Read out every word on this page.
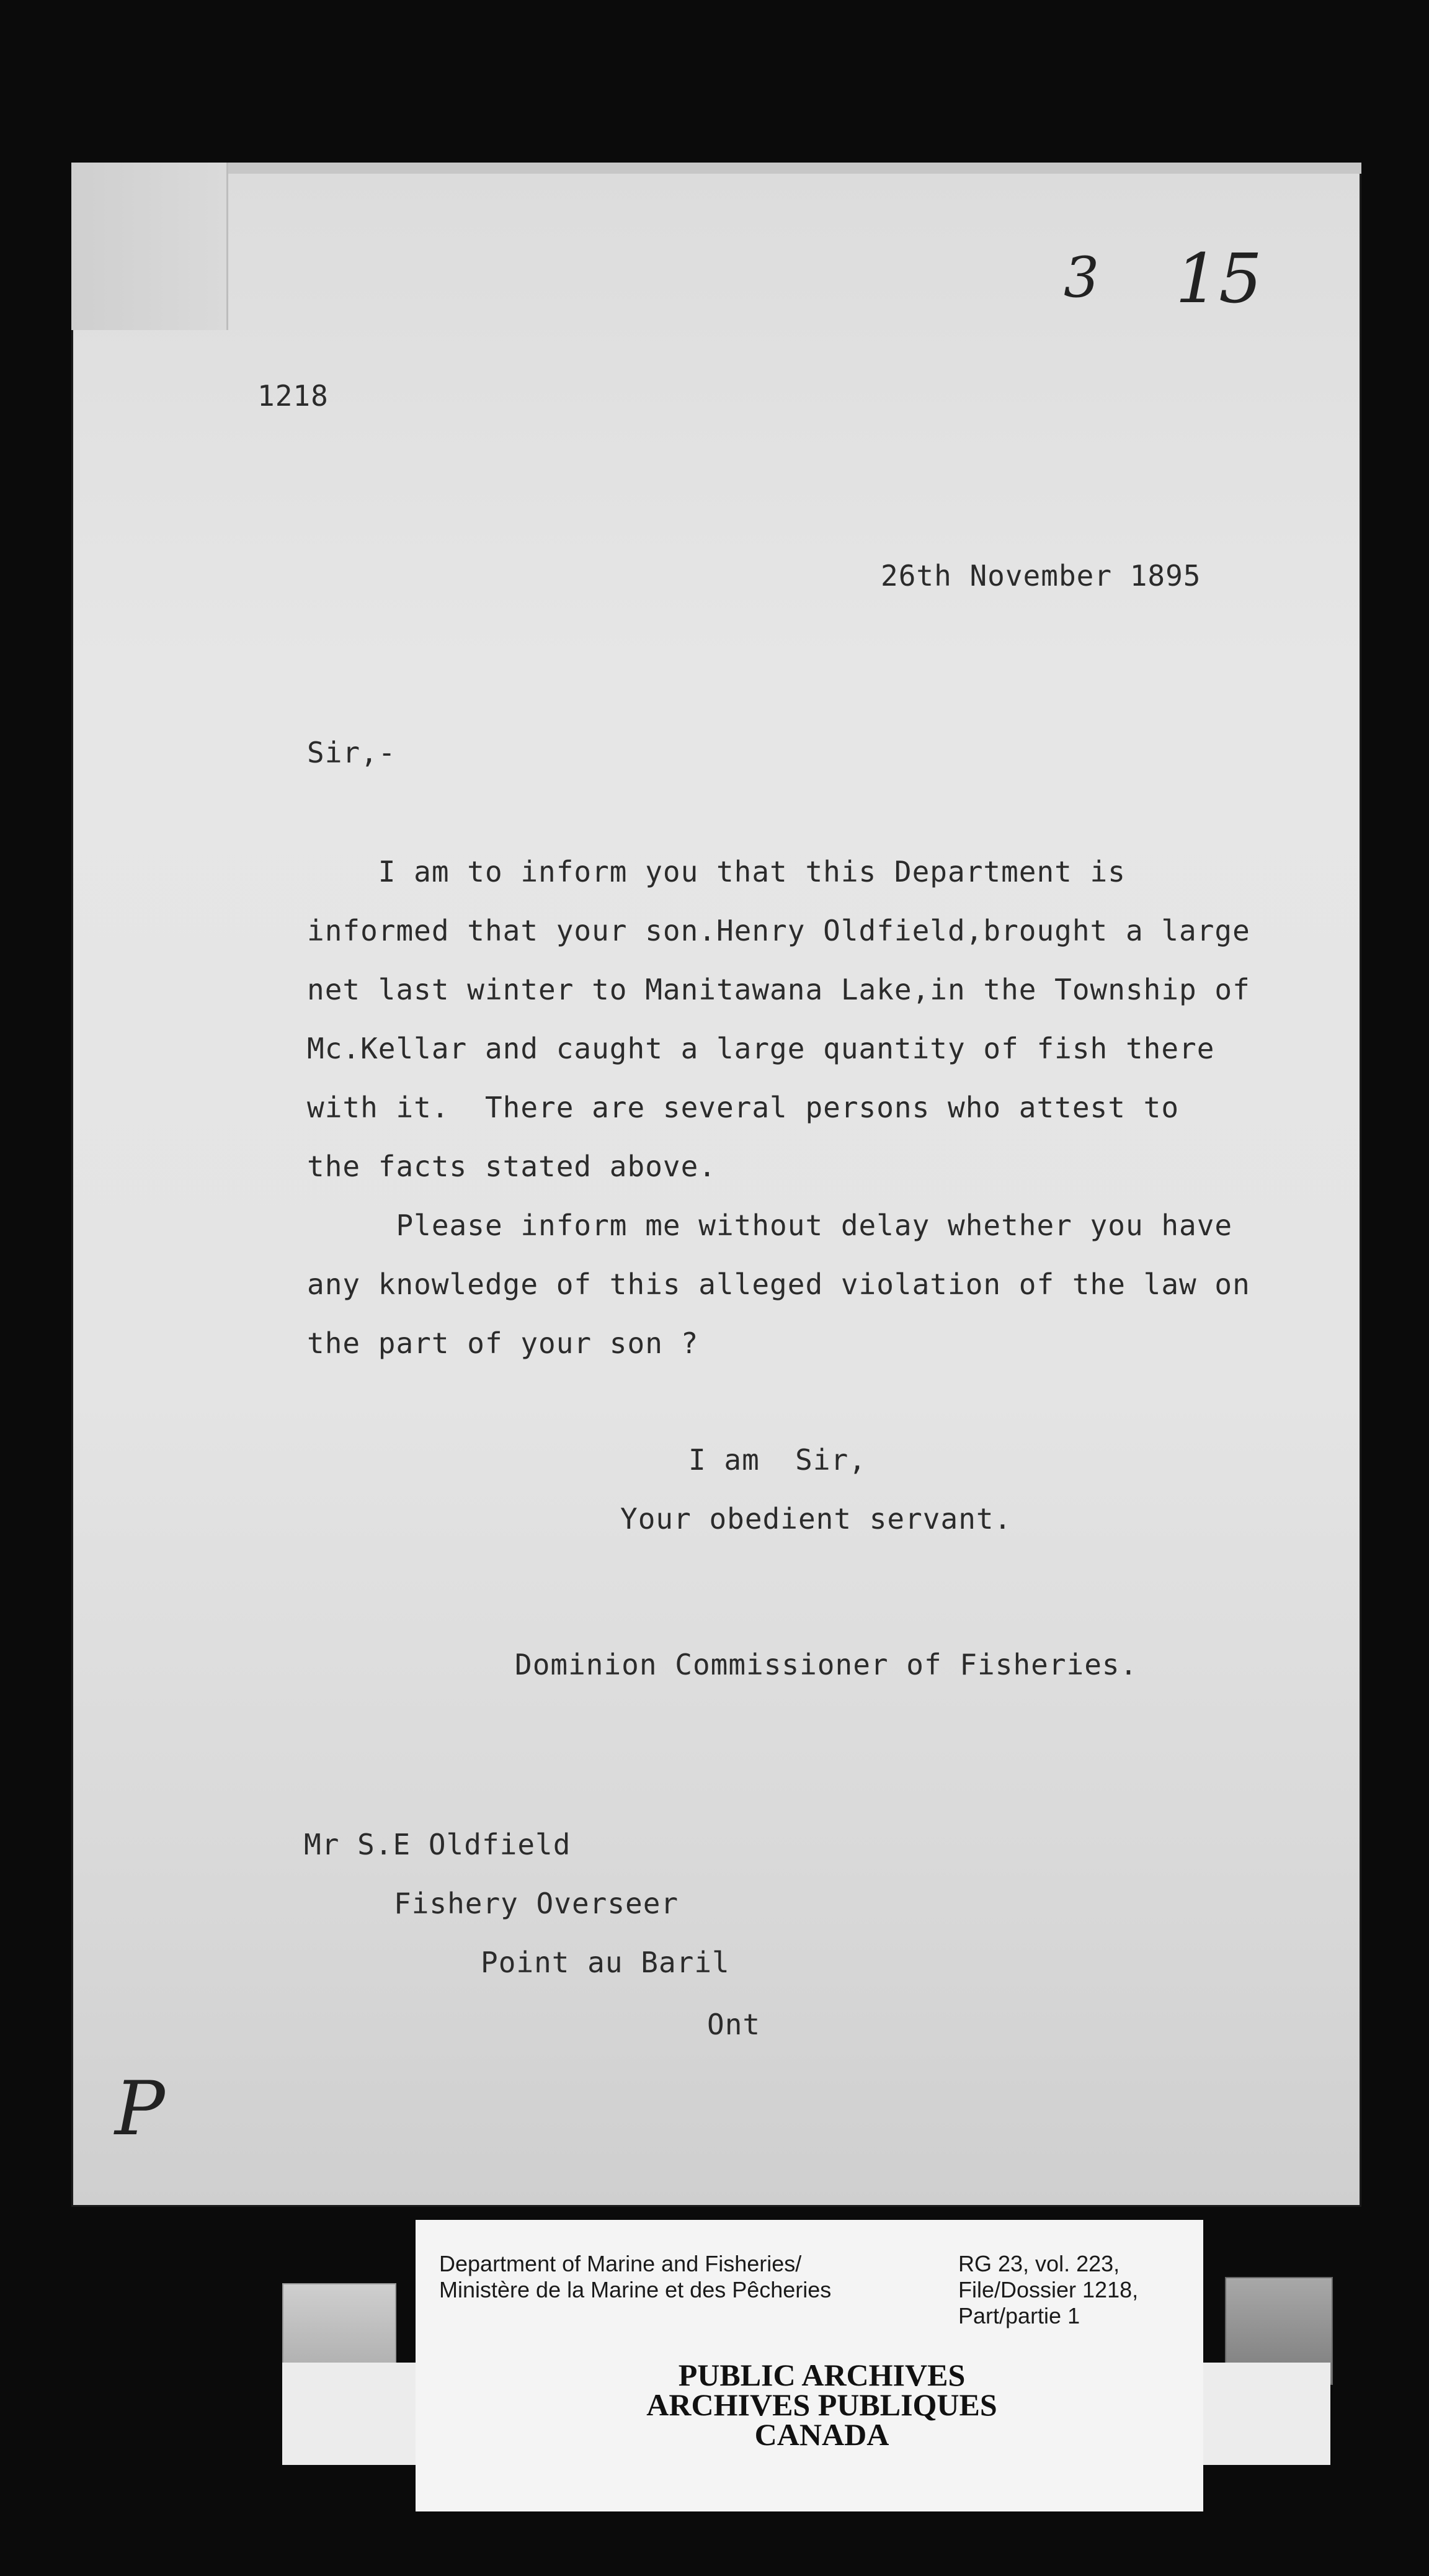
3 15
1218
26th November 1895
Sir,-
I am to inform you that this Department is
informed that your son.Henry Oldfield,brought a large
net last winter to Manitawana Lake,in the Township of
Mc.Kellar and caught a large quantity of fish there
with it.  There are several persons who attest to
the facts stated above.
Please inform me without delay whether you have
any knowledge of this alleged violation of the law on
the part of your son ?
I am  Sir,
Your obedient servant.
Dominion Commissioner of Fisheries.
Mr S.E Oldfield
Fishery Overseer
Point au Baril
Ont
P
Department of Marine and Fisheries/
Ministère de la Marine et des Pêcheries
RG 23, vol. 223,
File/Dossier 1218,
Part/partie 1
PUBLIC ARCHIVES
ARCHIVES PUBLIQUES
CANADA
